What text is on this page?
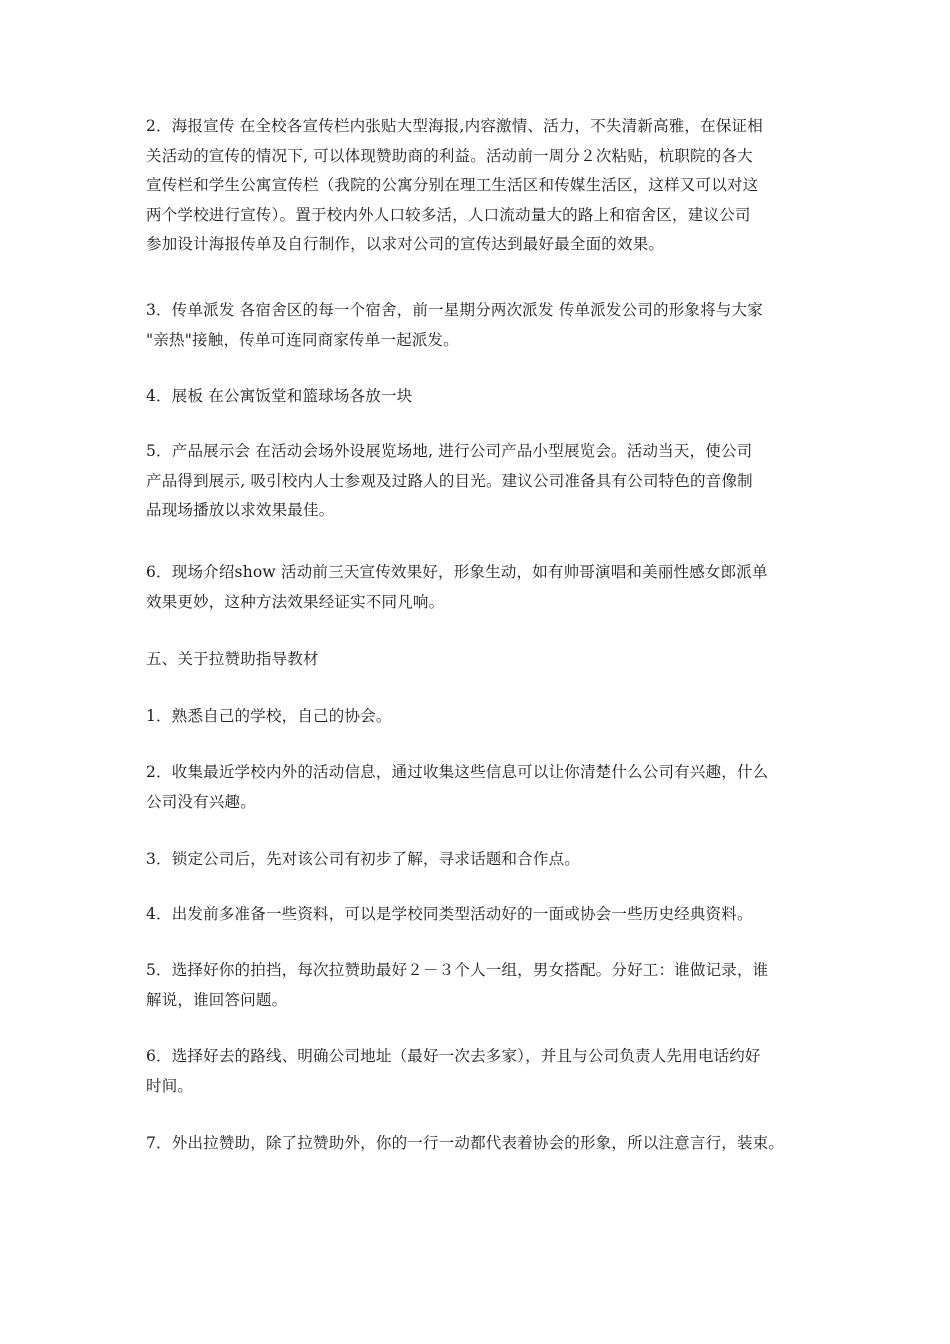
2．海报宣传 在全校各宣传栏内张贴大型海报,内容激情、活力，不失清新高雅，在保证相
关活动的宣传的情况下, 可以体现赞助商的利益。活动前一周分２次粘贴，杭职院的各大
宣传栏和学生公寓宣传栏（我院的公寓分别在理工生活区和传媒生活区，这样又可以对这
两个学校进行宣传）。置于校内外人口较多活，人口流动量大的路上和宿舍区，建议公司
参加设计海报传单及自行制作，以求对公司的宣传达到最好最全面的效果。

3．传单派发 各宿舍区的每一个宿舍，前一星期分两次派发 传单派发公司的形象将与大家
"亲热"接触，传单可连同商家传单一起派发。

4．展板 在公寓饭堂和篮球场各放一块

5．产品展示会 在活动会场外设展览场地, 进行公司产品小型展览会。活动当天，使公司
产品得到展示, 吸引校内人士参观及过路人的目光。建议公司准备具有公司特色的音像制
品现场播放以求效果最佳。

6．现场介绍show 活动前三天宣传效果好，形象生动，如有帅哥演唱和美丽性感女郎派单
效果更妙，这种方法效果经证实不同凡响。

五、关于拉赞助指导教材

1．熟悉自己的学校，自己的协会。

2．收集最近学校内外的活动信息，通过收集这些信息可以让你清楚什么公司有兴趣，什么
公司没有兴趣。

3．锁定公司后，先对该公司有初步了解，寻求话题和合作点。

4．出发前多准备一些资料，可以是学校同类型活动好的一面或协会一些历史经典资料。

5．选择好你的拍挡，每次拉赞助最好２－３个人一组，男女搭配。分好工：谁做记录，谁
解说，谁回答问题。

6．选择好去的路线、明确公司地址（最好一次去多家），并且与公司负责人先用电话约好
时间。

7．外出拉赞助，除了拉赞助外，你的一行一动都代表着协会的形象，所以注意言行，装束。
